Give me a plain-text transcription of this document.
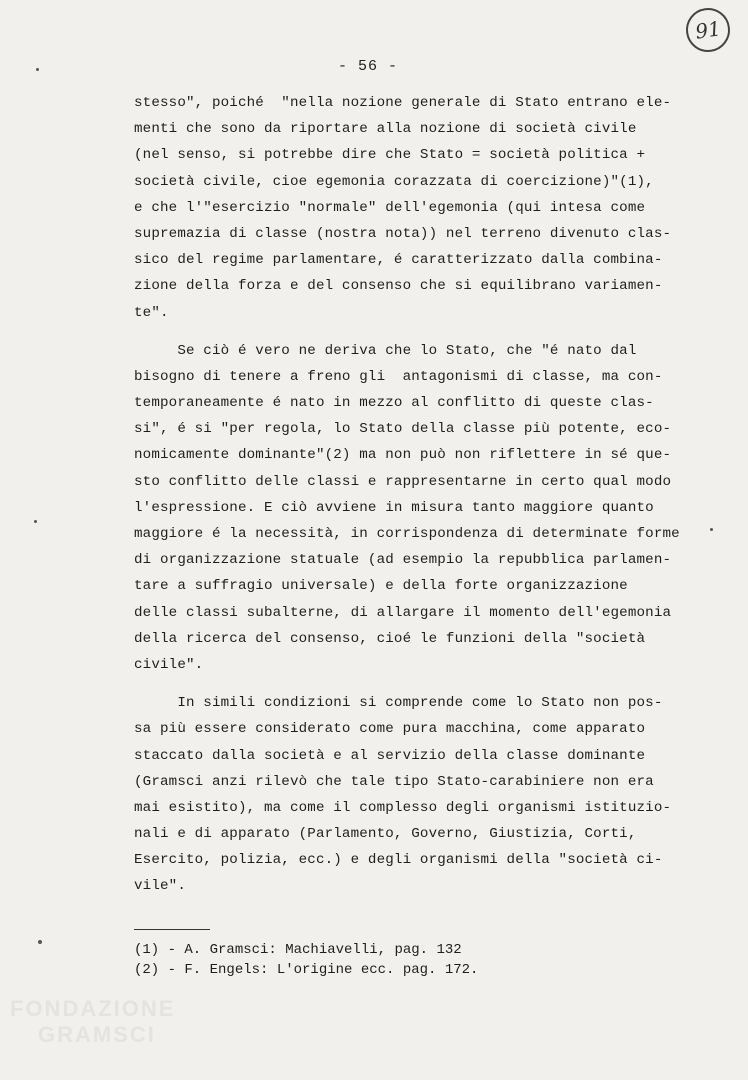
91
- 56 -
stesso", poiché  "nella nozione generale di Stato entrano ele-
menti che sono da riportare alla nozione di società civile
(nel senso, si potrebbe dire che Stato = società politica +
società civile, cioe egemonia corazzata di coercizione)"(1),
e che l'"esercizio "normale" dell'egemonia (qui intesa come
supremazia di classe (nostra nota)) nel terreno divenuto clas-
sico del regime parlamentare, é caratterizzato dalla combina-
zione della forza e del consenso che si equilibrano variamen-
te".
Se ciò é vero ne deriva che lo Stato, che "é nato dal
bisogno di tenere a freno gli  antagonismi di classe, ma con-
temporaneamente é nato in mezzo al conflitto di queste clas-
si", é si "per regola, lo Stato della classe più potente, eco-
nomicamente dominante"(2) ma non può non riflettere in sé que-
sto conflitto delle classi e rappresentarne in certo qual modo
l'espressione. E ciò avviene in misura tanto maggiore quanto
maggiore é la necessità, in corrispondenza di determinate forme
di organizzazione statuale (ad esempio la repubblica parlamen-
tare a suffragio universale) e della forte organizzazione
delle classi subalterne, di allargare il momento dell'egemonia
della ricerca del consenso, cioé le funzioni della "società
civile".
In simili condizioni si comprende come lo Stato non pos-
sa più essere considerato come pura macchina, come apparato
staccato dalla società e al servizio della classe dominante
(Gramsci anzi rilevò che tale tipo Stato-carabiniere non era
mai esistito), ma come il complesso degli organismi istituzio-
nali e di apparato (Parlamento, Governo, Giustizia, Corti,
Esercito, polizia, ecc.) e degli organismi della "società ci-
vile".
(1) - A. Gramsci: Machiavelli, pag. 132
(2) - F. Engels: L'origine ecc. pag. 172.
FONDAZIONE
GRAMSCI
